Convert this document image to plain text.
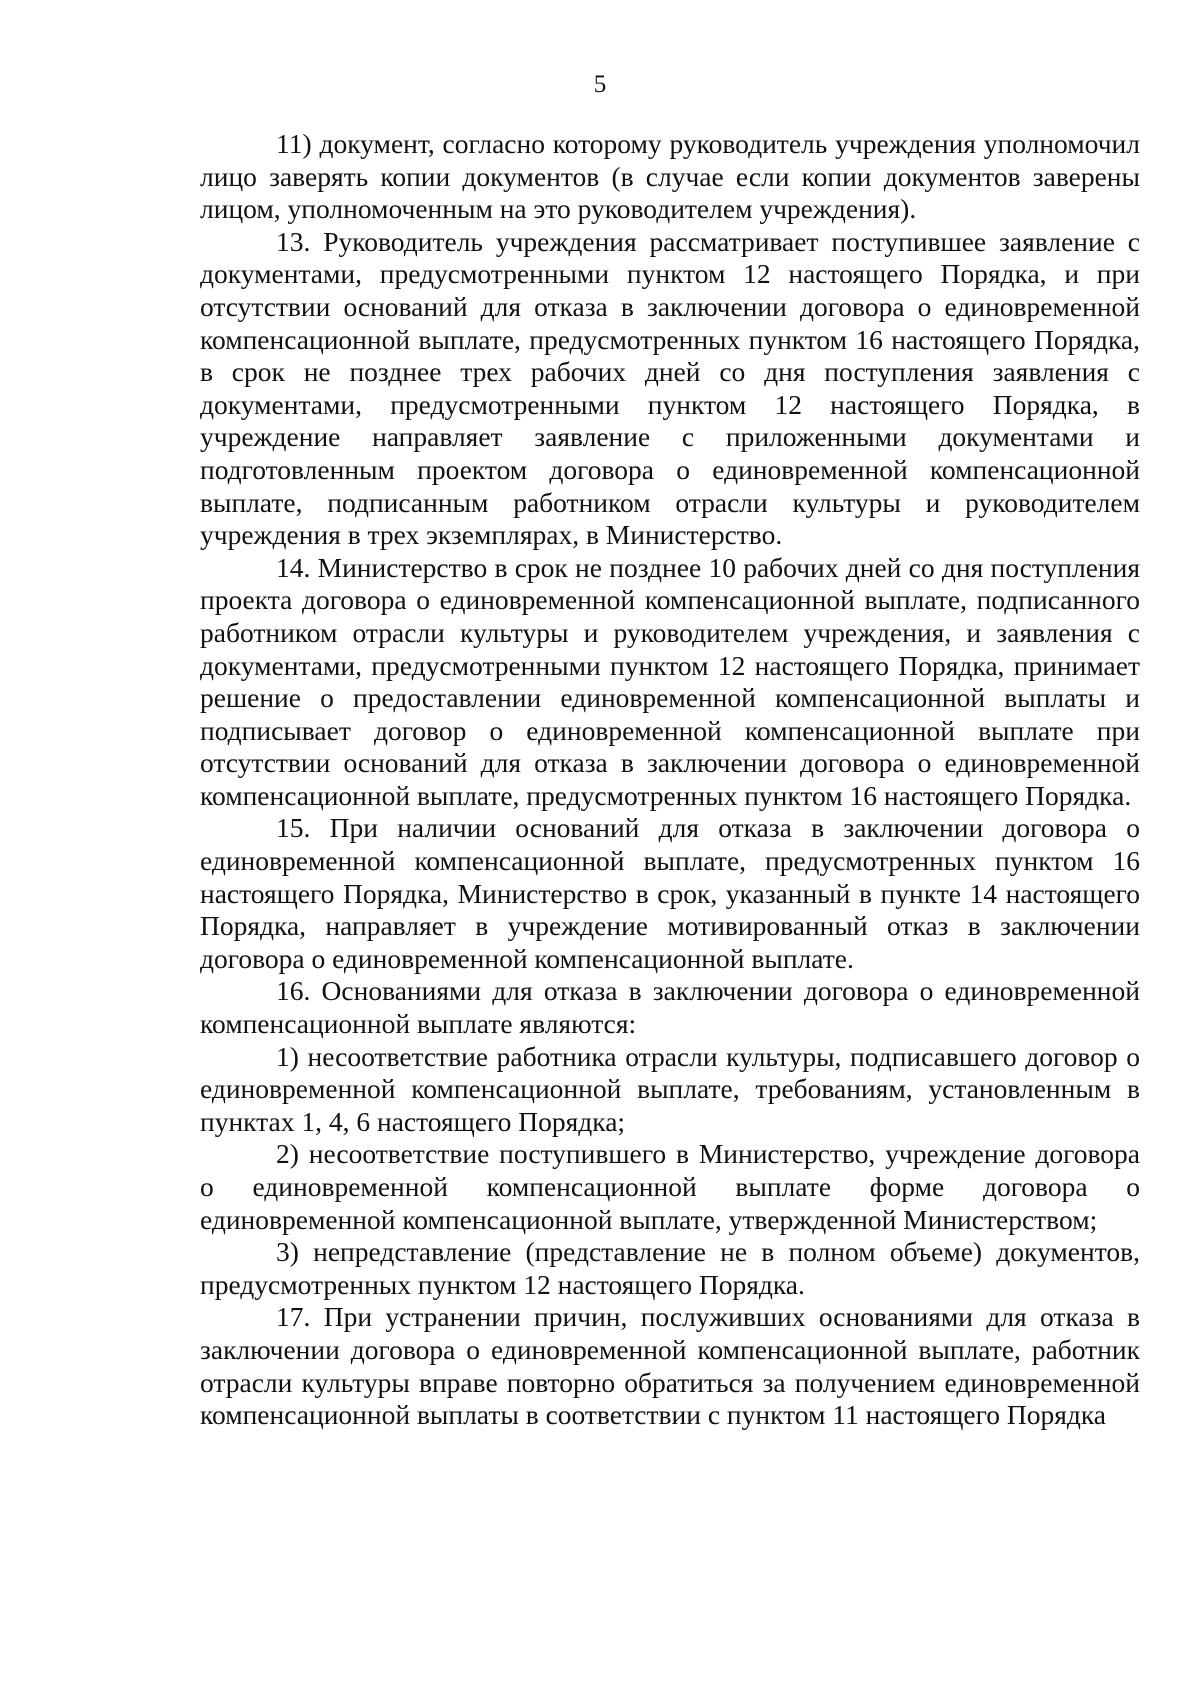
5

11) документ, согласно которому руководитель учреждения уполномочил лицо заверять копии документов (в случае если копии документов заверены лицом, уполномоченным на это руководителем учреждения).

13. Руководитель учреждения рассматривает поступившее заявление с документами, предусмотренными пунктом 12 настоящего Порядка, и при отсутствии оснований для отказа в заключении договора о единовременной компенсационной выплате, предусмотренных пунктом 16 настоящего Порядка, в срок не позднее трех рабочих дней со дня поступления заявления с документами, предусмотренными пунктом 12 настоящего Порядка, в учреждение направляет заявление с приложенными документами и подготовленным проектом договора о единовременной компенсационной выплате, подписанным работником отрасли культуры и руководителем учреждения в трех экземплярах, в Министерство.

14. Министерство в срок не позднее 10 рабочих дней со дня поступления проекта договора о единовременной компенсационной выплате, подписанного работником отрасли культуры и руководителем учреждения, и заявления с документами, предусмотренными пунктом 12 настоящего Порядка, принимает решение о предоставлении единовременной компенсационной выплаты и подписывает договор о единовременной компенсационной выплате при отсутствии оснований для отказа в заключении договора о единовременной компенсационной выплате, предусмотренных пунктом 16 настоящего Порядка.

15. При наличии оснований для отказа в заключении договора о единовременной компенсационной выплате, предусмотренных пунктом 16 настоящего Порядка, Министерство в срок, указанный в пункте 14 настоящего Порядка, направляет в учреждение мотивированный отказ в заключении договора о единовременной компенсационной выплате.

16. Основаниями для отказа в заключении договора о единовременной компенсационной выплате являются:

1) несоответствие работника отрасли культуры, подписавшего договор о единовременной компенсационной выплате, требованиям, установленным в пунктах 1, 4, 6 настоящего Порядка;

2) несоответствие поступившего в Министерство, учреждение договора о единовременной компенсационной выплате форме договора о единовременной компенсационной выплате, утвержденной Министерством;

3) непредставление (представление не в полном объеме) документов, предусмотренных пунктом 12 настоящего Порядка.

17. При устранении причин, послуживших основаниями для отказа в заключении договора о единовременной компенсационной выплате, работник отрасли культуры вправе повторно обратиться за получением единовременной компенсационной выплаты в соответствии с пунктом 11 настоящего Порядка
